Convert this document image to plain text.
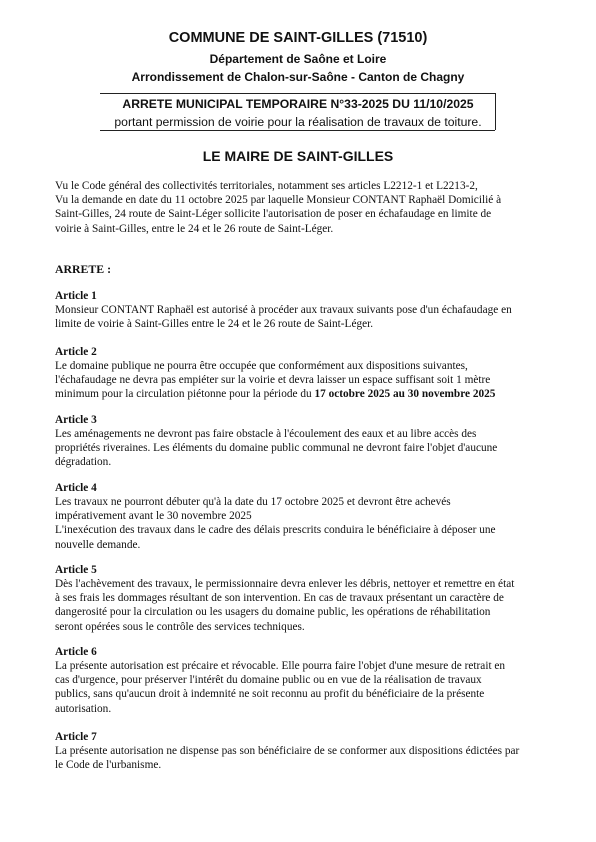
COMMUNE DE SAINT-GILLES (71510)
Département de Saône et Loire
Arrondissement de Chalon-sur-Saône - Canton de Chagny
ARRETE MUNICIPAL TEMPORAIRE N°33-2025 DU 11/10/2025
portant permission de voirie pour la réalisation de travaux de toiture.
LE MAIRE DE SAINT-GILLES
Vu le Code général des collectivités territoriales, notamment ses articles L2212-1 et L2213-2,
Vu la demande en date du 11 octobre 2025 par laquelle Monsieur CONTANT Raphaël Domicilié à
Saint-Gilles, 24 route de Saint-Léger sollicite l'autorisation de poser en échafaudage en limite de
voirie à Saint-Gilles, entre le 24 et le 26 route de Saint-Léger.
ARRETE :
Article 1
Monsieur CONTANT Raphaël est autorisé à procéder aux travaux suivants pose d'un échafaudage en
limite de voirie à Saint-Gilles entre le 24 et le 26 route de Saint-Léger.
Article 2
Le domaine publique ne pourra être occupée que conformément aux dispositions suivantes,
l'échafaudage ne devra pas empiéter sur la voirie et devra laisser un espace suffisant soit 1 mètre
minimum pour la circulation piétonne pour la période du 17 octobre 2025 au 30 novembre 2025
Article 3
Les aménagements ne devront pas faire obstacle à l'écoulement des eaux et au libre accès des
propriétés riveraines. Les éléments du domaine public communal ne devront faire l'objet d'aucune
dégradation.
Article 4
Les travaux ne pourront débuter qu'à la date du 17 octobre 2025 et devront être achevés
impérativement avant le 30 novembre 2025
L'inexécution des travaux dans le cadre des délais prescrits conduira le bénéficiaire à déposer une
nouvelle demande.
Article 5
Dès l'achèvement des travaux, le permissionnaire devra enlever les débris, nettoyer et remettre en état
à ses frais les dommages résultant de son intervention. En cas de travaux présentant un caractère de
dangerosité pour la circulation ou les usagers du domaine public, les opérations de réhabilitation
seront opérées sous le contrôle des services techniques.
Article 6
La présente autorisation est précaire et révocable. Elle pourra faire l'objet d'une mesure de retrait en
cas d'urgence, pour préserver l'intérêt du domaine public ou en vue de la réalisation de travaux
publics, sans qu'aucun droit à indemnité ne soit reconnu au profit du bénéficiaire de la présente
autorisation.
Article 7
La présente autorisation ne dispense pas son bénéficiaire de se conformer aux dispositions édictées par
le Code de l'urbanisme.
